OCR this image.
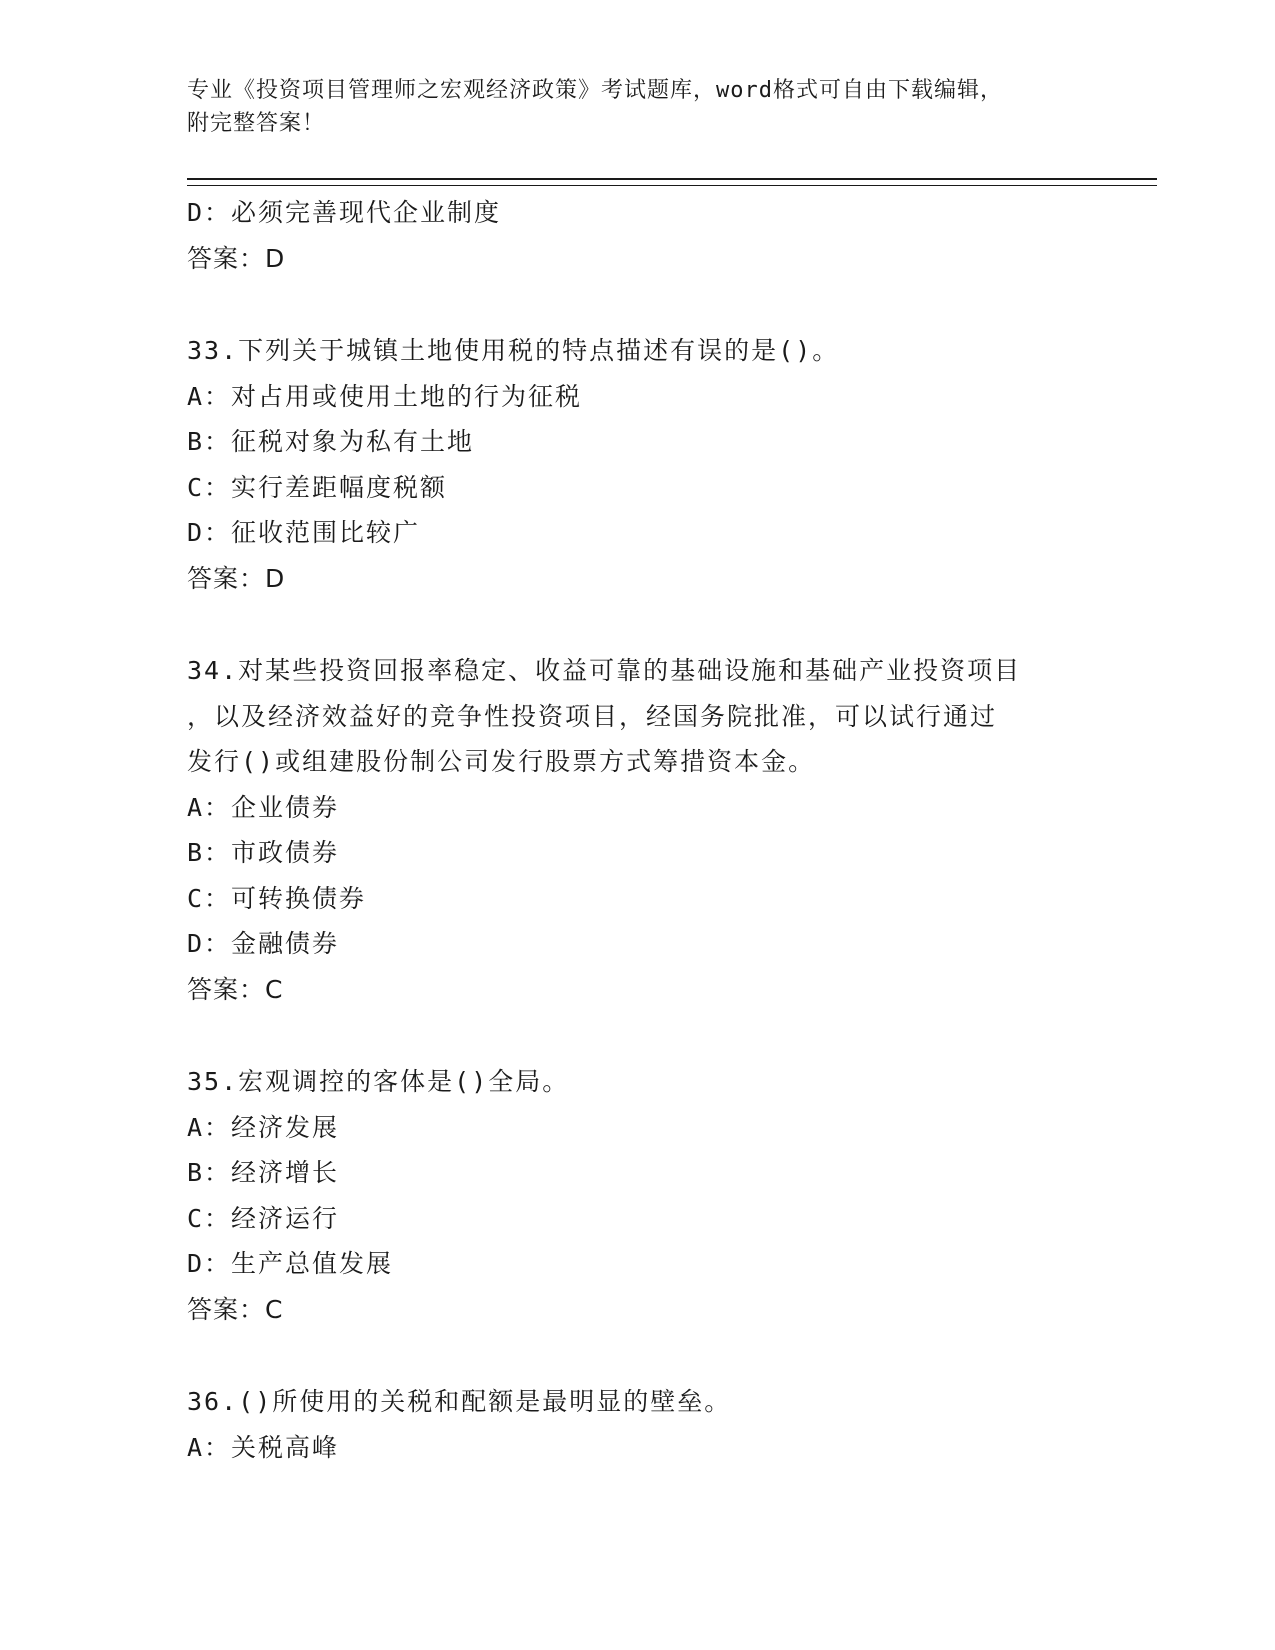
专业《投资项目管理师之宏观经济政策》考试题库，word格式可自由下载编辑，
附完整答案！
D：必须完善现代企业制度
答案：D
33.下列关于城镇土地使用税的特点描述有误的是()。
A：对占用或使用土地的行为征税
B：征税对象为私有土地
C：实行差距幅度税额
D：征收范围比较广
答案：D
34.对某些投资回报率稳定、收益可靠的基础设施和基础产业投资项目
，以及经济效益好的竞争性投资项目，经国务院批准，可以试行通过
发行()或组建股份制公司发行股票方式筹措资本金。
A：企业债券
B：市政债券
C：可转换债券
D：金融债券
答案：C
35.宏观调控的客体是()全局。
A：经济发展
B：经济增长
C：经济运行
D：生产总值发展
答案：C
36.()所使用的关税和配额是最明显的壁垒。
A：关税高峰
